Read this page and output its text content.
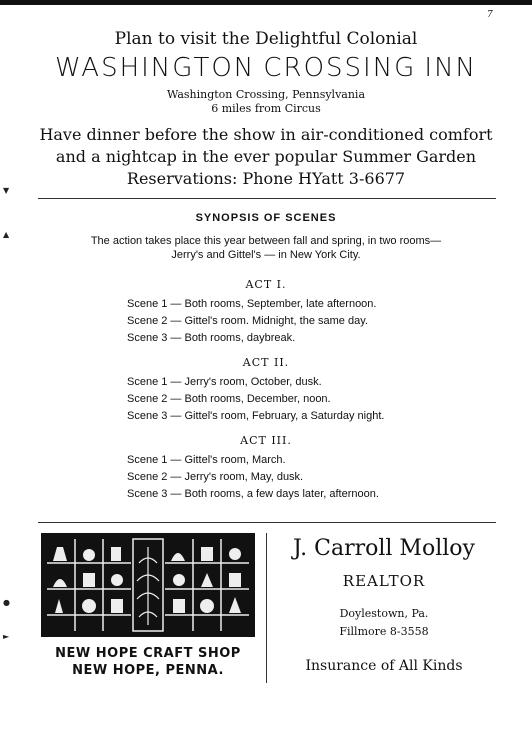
7
▼
▲
●
►
Plan to visit the Delightful Colonial
WASHINGTON CROSSING INN
Washington Crossing, Pennsylvania
6 miles from Circus
Have dinner before the show in air-conditioned comfort
and a nightcap in the ever popular Summer Garden
Reservations: Phone HYatt 3-6677
SYNOPSIS OF SCENES
The action takes place this year between fall and spring, in two rooms—
Jerry's and Gittel's — in New York City.
ACT I.
Scene 1 — Both rooms, September, late afternoon.
Scene 2 — Gittel's room. Midnight, the same day.
Scene 3 — Both rooms, daybreak.
ACT II.
Scene 1 — Jerry's room, October, dusk.
Scene 2 — Both rooms, December, noon.
Scene 3 — Gittel's room, February, a Saturday night.
ACT III.
Scene 1 — Gittel's room, March.
Scene 2 — Jerry's room, May, dusk.
Scene 3 — Both rooms, a few days later, afternoon.
NEW HOPE CRAFT SHOP
NEW HOPE, PENNA.
J. Carroll Molloy
REALTOR
Doylestown, Pa.
Fillmore 8-3558
Insurance of All Kinds
